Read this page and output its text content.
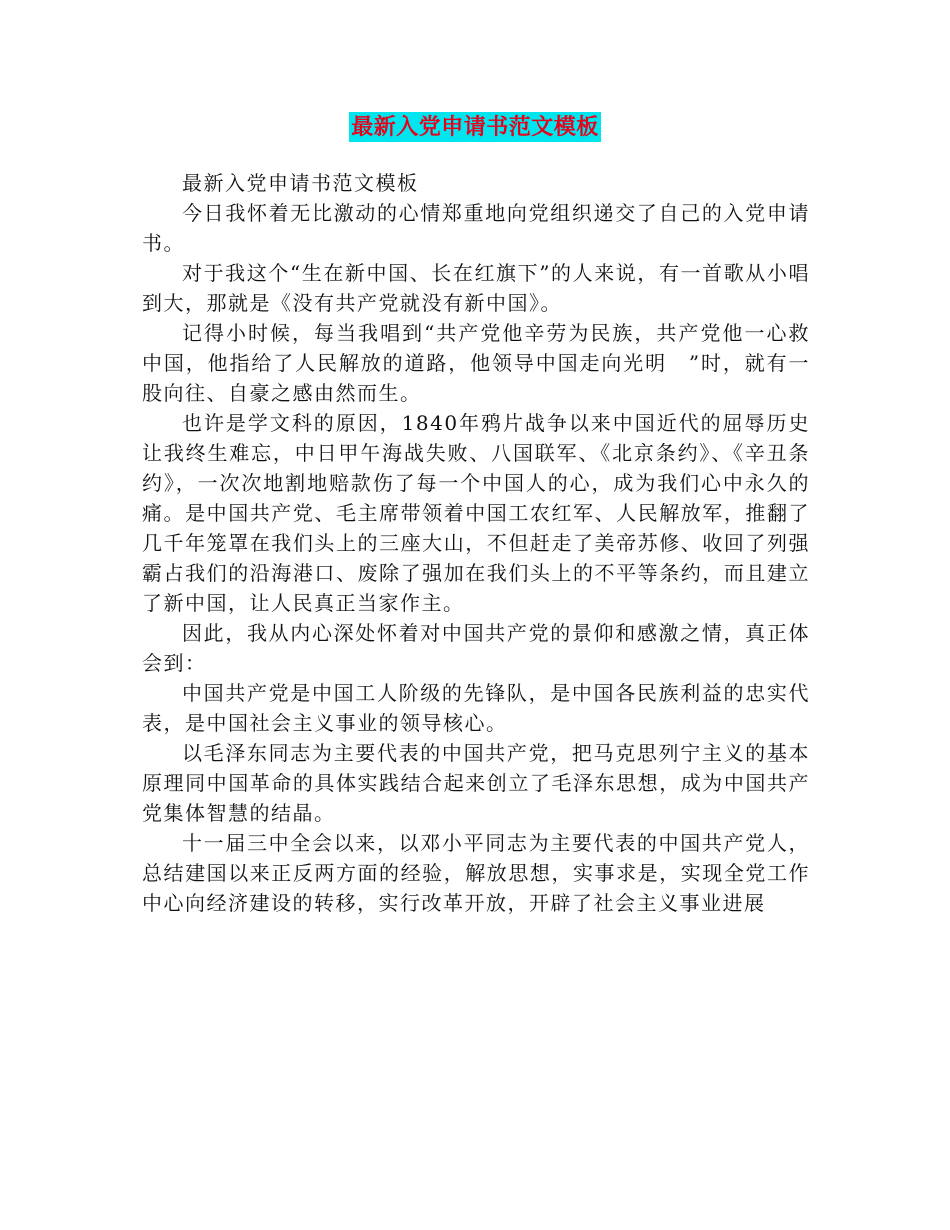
最新入党申请书范文模板

最新入党申请书范文模板

今日我怀着无比激动的心情郑重地向党组织递交了自己的入党申请书。

对于我这个“生在新中国、长在红旗下”的人来说，有一首歌从小唱到大，那就是《没有共产党就没有新中国》。

记得小时候，每当我唱到“共产党他辛劳为民族，共产党他一心救中国，他指给了人民解放的道路，他领导中国走向光明　”时，就有一股向往、自豪之感由然而生。

也许是学文科的原因，1840年鸦片战争以来中国近代的屈辱历史让我终生难忘，中日甲午海战失败、八国联军、《北京条约》、《辛丑条约》，一次次地割地赔款伤了每一个中国人的心，成为我们心中永久的痛。是中国共产党、毛主席带领着中国工农红军、人民解放军，推翻了几千年笼罩在我们头上的三座大山，不但赶走了美帝苏修、收回了列强霸占我们的沿海港口、废除了强加在我们头上的不平等条约，而且建立了新中国，让人民真正当家作主。

因此，我从内心深处怀着对中国共产党的景仰和感激之情，真正体会到：

中国共产党是中国工人阶级的先锋队，是中国各民族利益的忠实代表，是中国社会主义事业的领导核心。

以毛泽东同志为主要代表的中国共产党，把马克思列宁主义的基本原理同中国革命的具体实践结合起来创立了毛泽东思想，成为中国共产党集体智慧的结晶。

十一届三中全会以来，以邓小平同志为主要代表的中国共产党人，总结建国以来正反两方面的经验，解放思想，实事求是，实现全党工作中心向经济建设的转移，实行改革开放，开辟了社会主义事业进展
